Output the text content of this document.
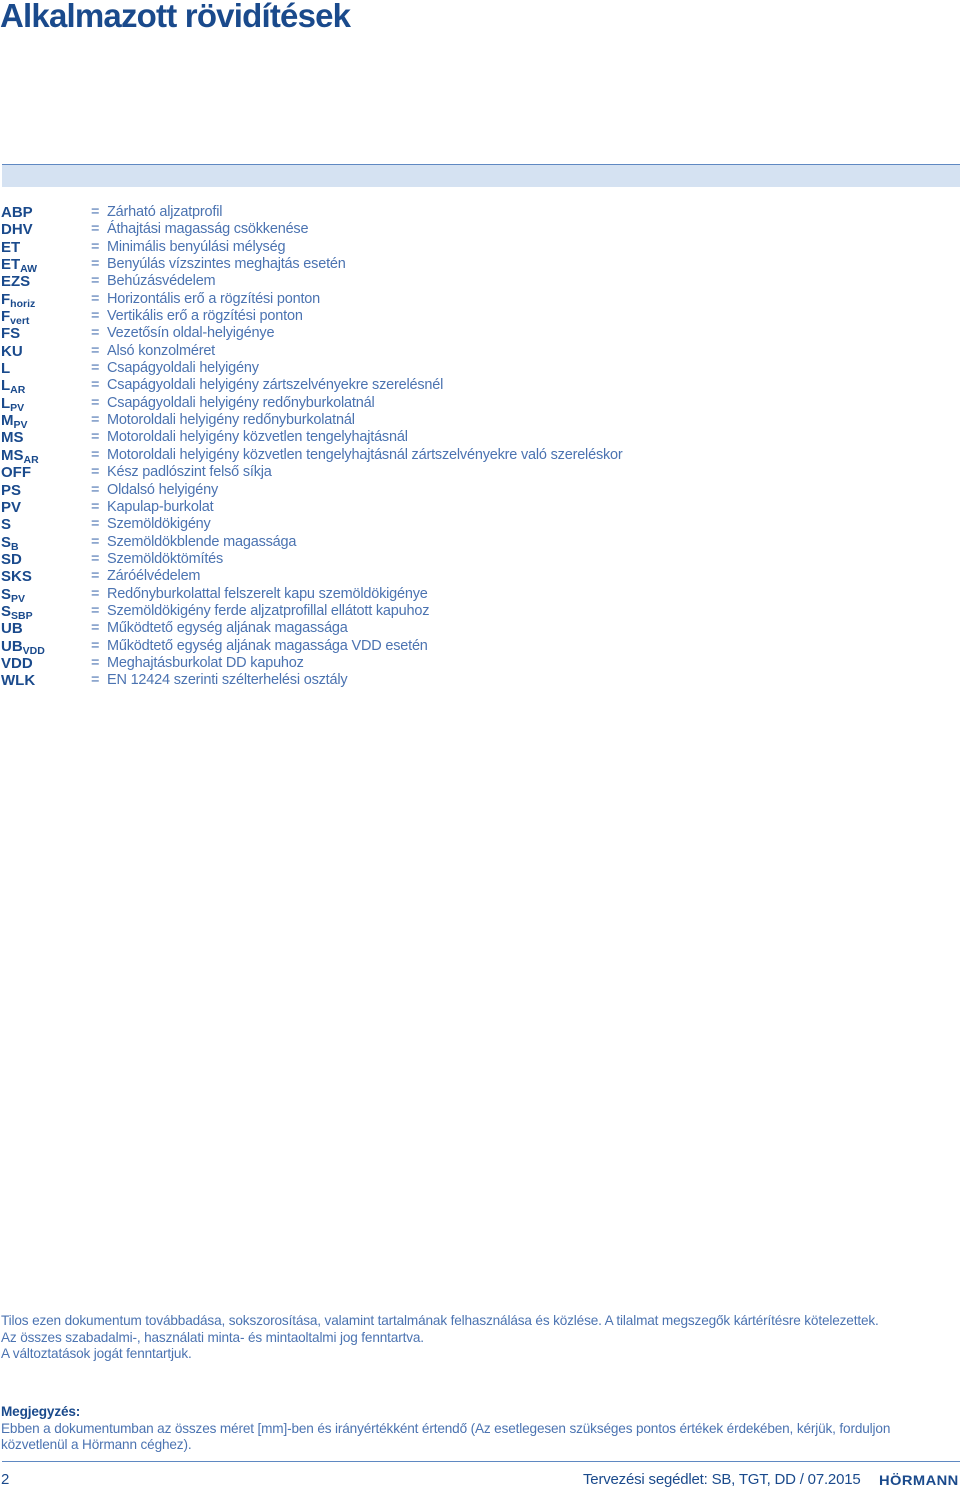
Alkalmazott rövidítések
ABP	= Zárható aljzatprofil
DHV	= Áthajtási magasság csökkenése
ET	= Minimális benyúlási mélység
$ET_{AW}$	= Benyúlás vízszintes meghajtás esetén
EZS	= Behúzásvédelem
$F_{horiz}$	= Horizontális erő a rögzítési ponton
$F_{vert}$	= Vertikális erő a rögzítési ponton
FS	= Vezetősín oldal-helyigénye
KU	= Alsó konzolméret
L	= Csapágyoldali helyigény
$L_{AR}$	= Csapágyoldali helyigény zártszelvényekre szerelésnél
$L_{PV}$	= Csapágyoldali helyigény redőnyburkolatnál
$M_{PV}$	= Motoroldali helyigény redőnyburkolatnál
MS	= Motoroldali helyigény közvetlen tengelyhajtásnál
$MS_{AR}$	= Motoroldali helyigény közvetlen tengelyhajtásnál zártszelvényekre való szereléskor
OFF	= Kész padlószint felső síkja
PS	= Oldalsó helyigény
PV	= Kapulap-burkolat
S	= Szemöldökigény
$S_B$	= Szemöldökblende magassága
SD	= Szemöldöktömítés
SKS	= Záróélvédelem
$S_{PV}$	= Redőnyburkolattal felszerelt kapu szemöldökigénye
$S_{SBP}$	= Szemöldökigény ferde aljzatprofillal ellátott kapuhoz
UB	= Működtető egység aljának magassága
$UB_{VDD}$	= Működtető egység aljának magassága VDD esetén
VDD	= Meghajtásburkolat DD kapuhoz
WLK	= EN 12424 szerinti szélterhelési osztály
Tilos ezen dokumentum továbbadása, sokszorosítása, valamint tartalmának felhasználása és közlése. A tilalmat megszegők kártérítésre kötelezettek.
Az összes szabadalmi-, használati minta- és mintaoltalmi jog fenntartva.
A változtatások jogát fenntartjuk.
Megjegyzés:
Ebben a dokumentumban az összes méret [mm]-ben és irányértékként értendő (Az esetlegesen szükséges pontos értékek érdekében, kérjük, forduljon közvetlenül a Hörmann céghez).
2	Tervezési segédlet: SB, TGT, DD / 07.2015 HÖRMANN
